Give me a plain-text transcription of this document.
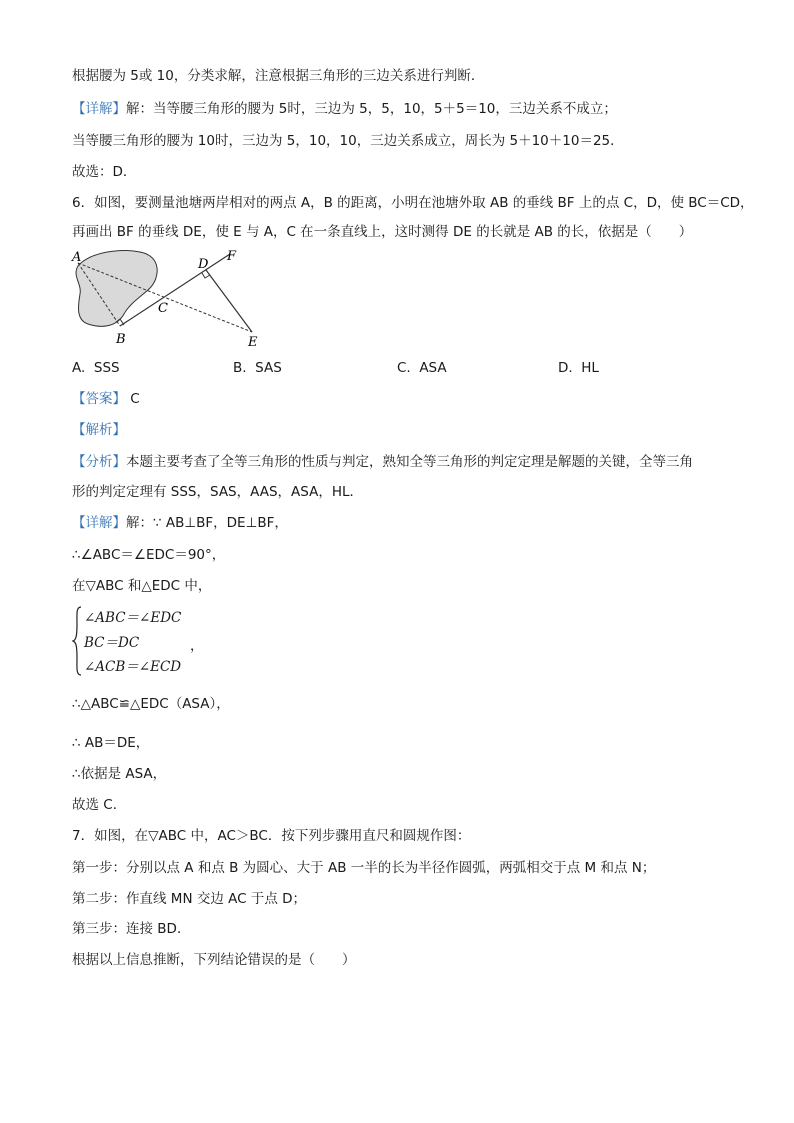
根据腰为 5或 10，分类求解，注意根据三角形的三边关系进行判断．
【详解】解：当等腰三角形的腰为 5时，三边为 5，5，10，5＋5＝10，三边关系不成立；
当等腰三角形的腰为 10时，三边为 5，10，10，三边关系成立，周长为 5＋10＋10＝25．
故选：D．
6．如图，要测量池塘两岸相对的两点 A，B 的距离，小明在池塘外取 AB 的垂线 BF 上的点 C，D，使 BC＝CD，
再画出 BF 的垂线 DE，使 E 与 A，C 在一条直线上，这时测得 DE 的长就是 AB 的长，依据是（　　）
A
B
C
D
F
E
A. SSS	B. SAS	C. ASA	D. HL
【答案】 C
【解析】
【分析】本题主要考查了全等三角形的性质与判定，熟知全等三角形的判定定理是解题的关键，全等三角
形的判定定理有 SSS，SAS，AAS，ASA，HL．
【详解】解：∵ AB⊥BF，DE⊥BF，
∴∠ABC＝∠EDC＝90°，
在▽ABC 和△EDC 中，
∠ABC＝∠EDC
BC＝DC
∠ACB＝∠ECD
，
∴△ABC≌△EDC（ASA），
∴ AB＝DE，
∴依据是 ASA，
故选 C．
7．如图，在▽ABC 中，AC＞BC．按下列步骤用直尺和圆规作图：
第一步：分别以点 A 和点 B 为圆心、大于 AB 一半的长为半径作圆弧，两弧相交于点 M 和点 N；
第二步：作直线 MN 交边 AC 于点 D；
第三步：连接 BD．
根据以上信息推断，下列结论错误的是（　　）
